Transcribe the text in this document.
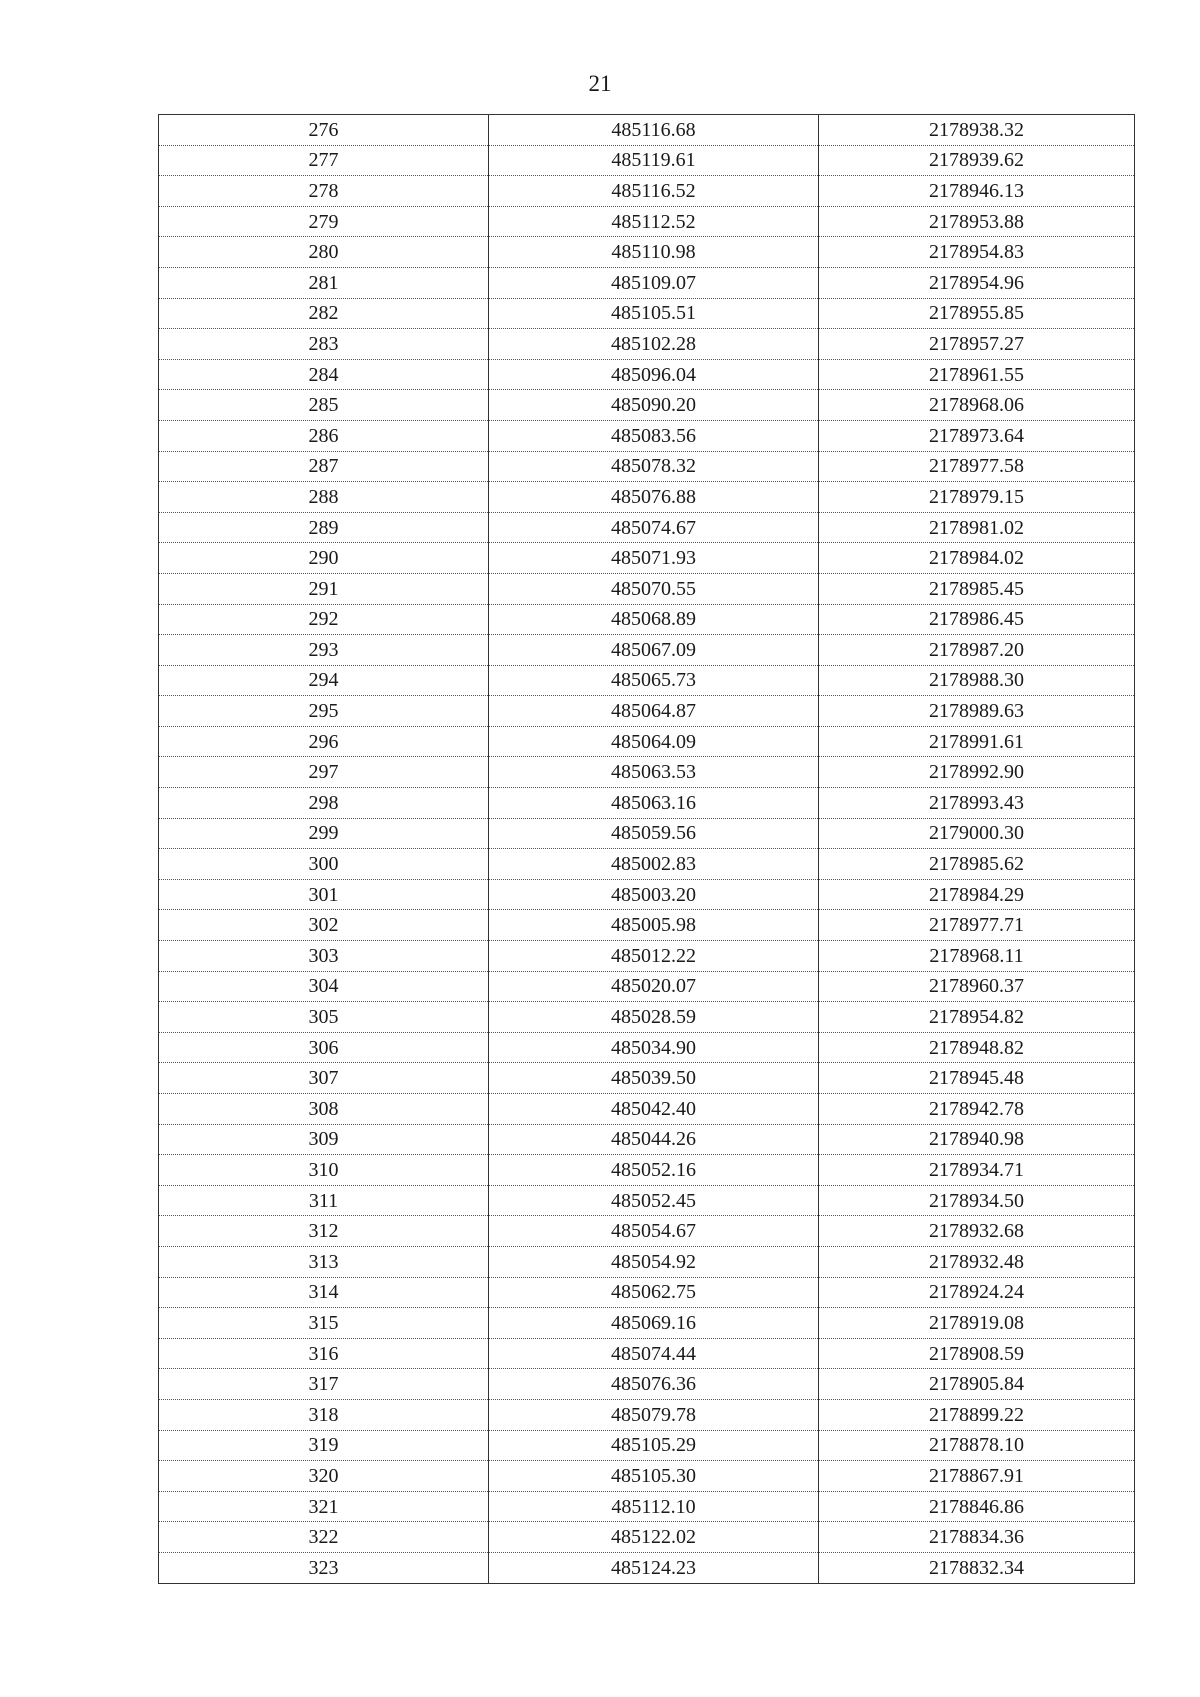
21
276	485116.68	2178938.32
277	485119.61	2178939.62
278	485116.52	2178946.13
279	485112.52	2178953.88
280	485110.98	2178954.83
281	485109.07	2178954.96
282	485105.51	2178955.85
283	485102.28	2178957.27
284	485096.04	2178961.55
285	485090.20	2178968.06
286	485083.56	2178973.64
287	485078.32	2178977.58
288	485076.88	2178979.15
289	485074.67	2178981.02
290	485071.93	2178984.02
291	485070.55	2178985.45
292	485068.89	2178986.45
293	485067.09	2178987.20
294	485065.73	2178988.30
295	485064.87	2178989.63
296	485064.09	2178991.61
297	485063.53	2178992.90
298	485063.16	2178993.43
299	485059.56	2179000.30
300	485002.83	2178985.62
301	485003.20	2178984.29
302	485005.98	2178977.71
303	485012.22	2178968.11
304	485020.07	2178960.37
305	485028.59	2178954.82
306	485034.90	2178948.82
307	485039.50	2178945.48
308	485042.40	2178942.78
309	485044.26	2178940.98
310	485052.16	2178934.71
311	485052.45	2178934.50
312	485054.67	2178932.68
313	485054.92	2178932.48
314	485062.75	2178924.24
315	485069.16	2178919.08
316	485074.44	2178908.59
317	485076.36	2178905.84
318	485079.78	2178899.22
319	485105.29	2178878.10
320	485105.30	2178867.91
321	485112.10	2178846.86
322	485122.02	2178834.36
323	485124.23	2178832.34
